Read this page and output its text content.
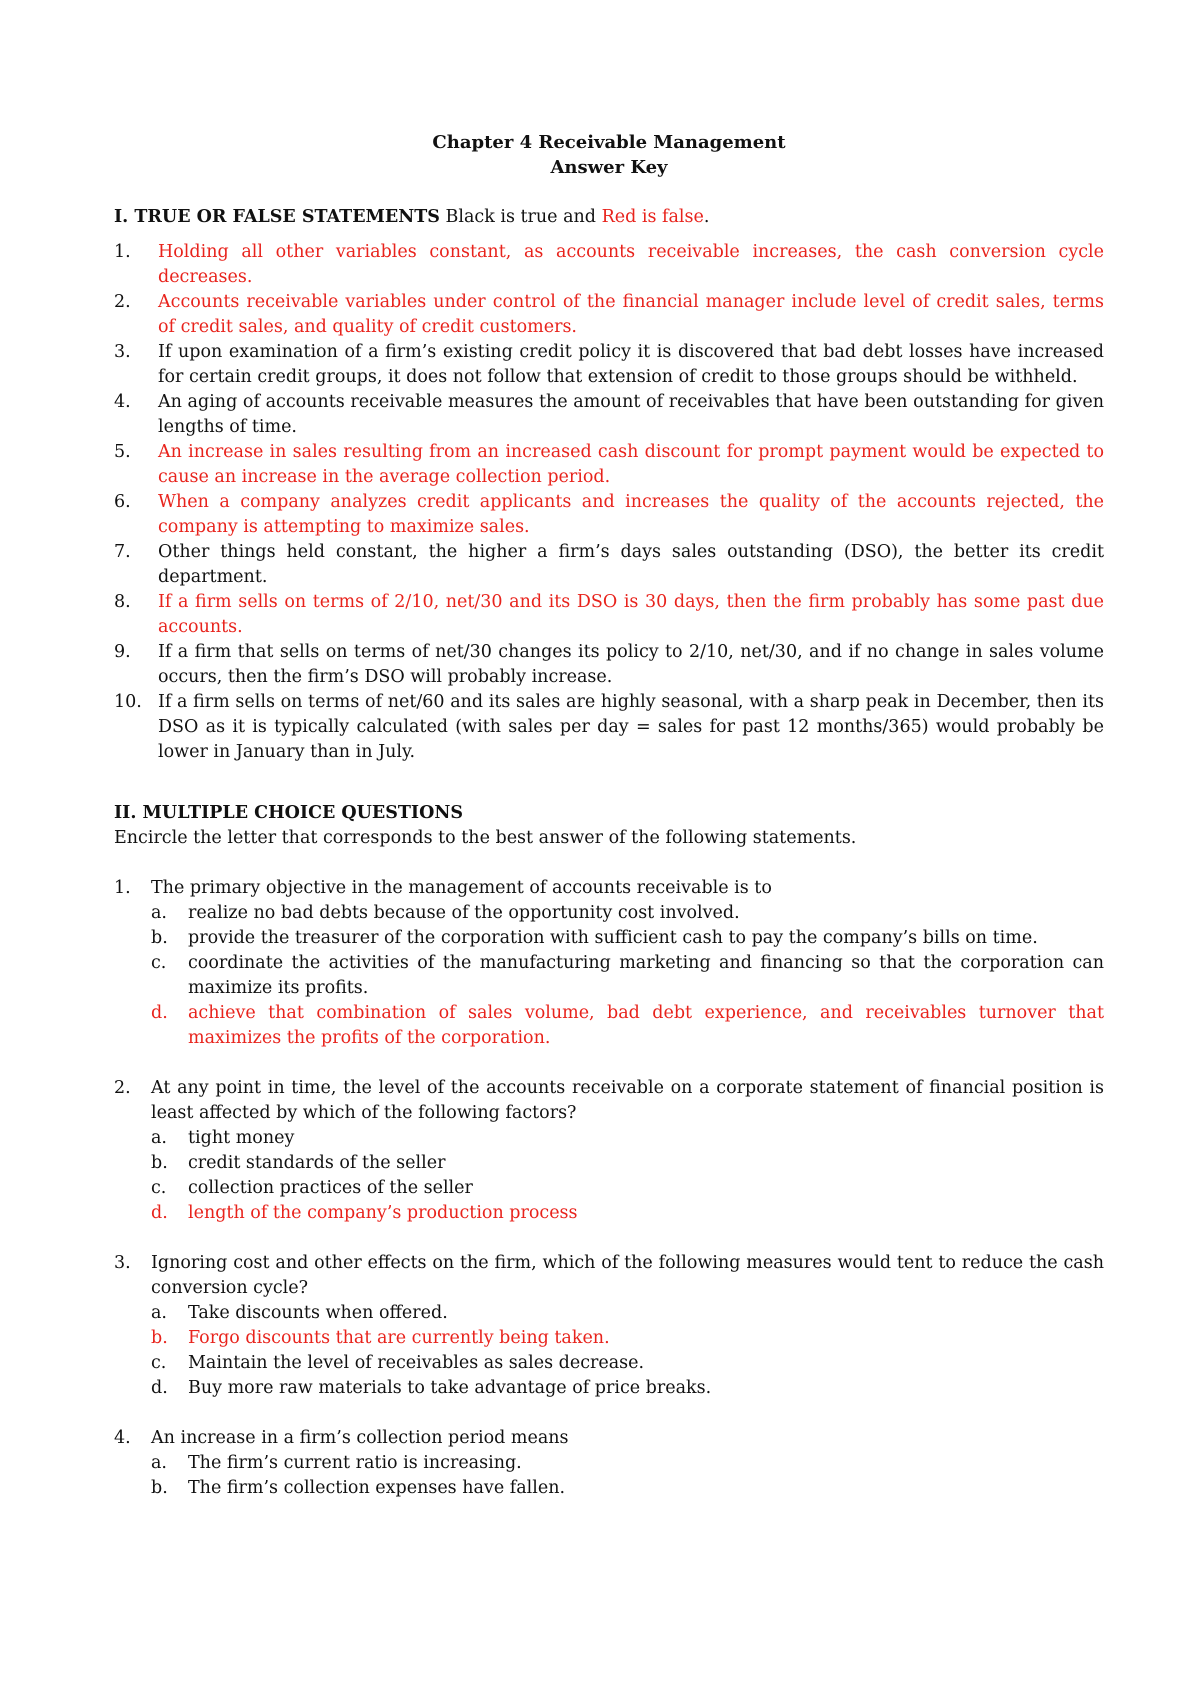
Chapter 4 Receivable Management
Answer Key
I. TRUE OR FALSE STATEMENTS Black is true and Red is false.
1.	Holding all other variables constant, as accounts receivable increases, the cash conversion cycle decreases.
2.	Accounts receivable variables under control of the financial manager include level of credit sales, terms of credit sales, and quality of credit customers.
3.	If upon examination of a firm’s existing credit policy it is discovered that bad debt losses have increased for certain credit groups, it does not follow that extension of credit to those groups should be withheld.
4.	An aging of accounts receivable measures the amount of receivables that have been outstanding for given lengths of time.
5.	An increase in sales resulting from an increased cash discount for prompt payment would be expected to cause an increase in the average collection period.
6.	When a company analyzes credit applicants and increases the quality of the accounts rejected, the company is attempting to maximize sales.
7.	Other things held constant, the higher a firm’s days sales outstanding (DSO), the better its credit department.
8.	If a firm sells on terms of 2/10, net/30 and its DSO is 30 days, then the firm probably has some past due accounts.
9.	If a firm that sells on terms of net/30 changes its policy to 2/10, net/30, and if no change in sales volume occurs, then the firm’s DSO will probably increase.
10. If a firm sells on terms of net/60 and its sales are highly seasonal, with a sharp peak in December, then its DSO as it is typically calculated (with sales per day = sales for past 12 months/365) would probably be lower in January than in July.
II. MULTIPLE CHOICE QUESTIONS
Encircle the letter that corresponds to the best answer of the following statements.
1.	The primary objective in the management of accounts receivable is to
a. realize no bad debts because of the opportunity cost involved.
b. provide the treasurer of the corporation with sufficient cash to pay the company’s bills on time.
c. coordinate the activities of the manufacturing marketing and financing so that the corporation can maximize its profits.
d. achieve that combination of sales volume, bad debt experience, and receivables turnover that maximizes the profits of the corporation.
2.	At any point in time, the level of the accounts receivable on a corporate statement of financial position is least affected by which of the following factors?
a. tight money
b. credit standards of the seller
c. collection practices of the seller
d. length of the company’s production process
3.	Ignoring cost and other effects on the firm, which of the following measures would tent to reduce the cash conversion cycle?
a. Take discounts when offered.
b. Forgo discounts that are currently being taken.
c. Maintain the level of receivables as sales decrease.
d. Buy more raw materials to take advantage of price breaks.
4.	An increase in a firm’s collection period means
a. The firm’s current ratio is increasing.
b. The firm’s collection expenses have fallen.
